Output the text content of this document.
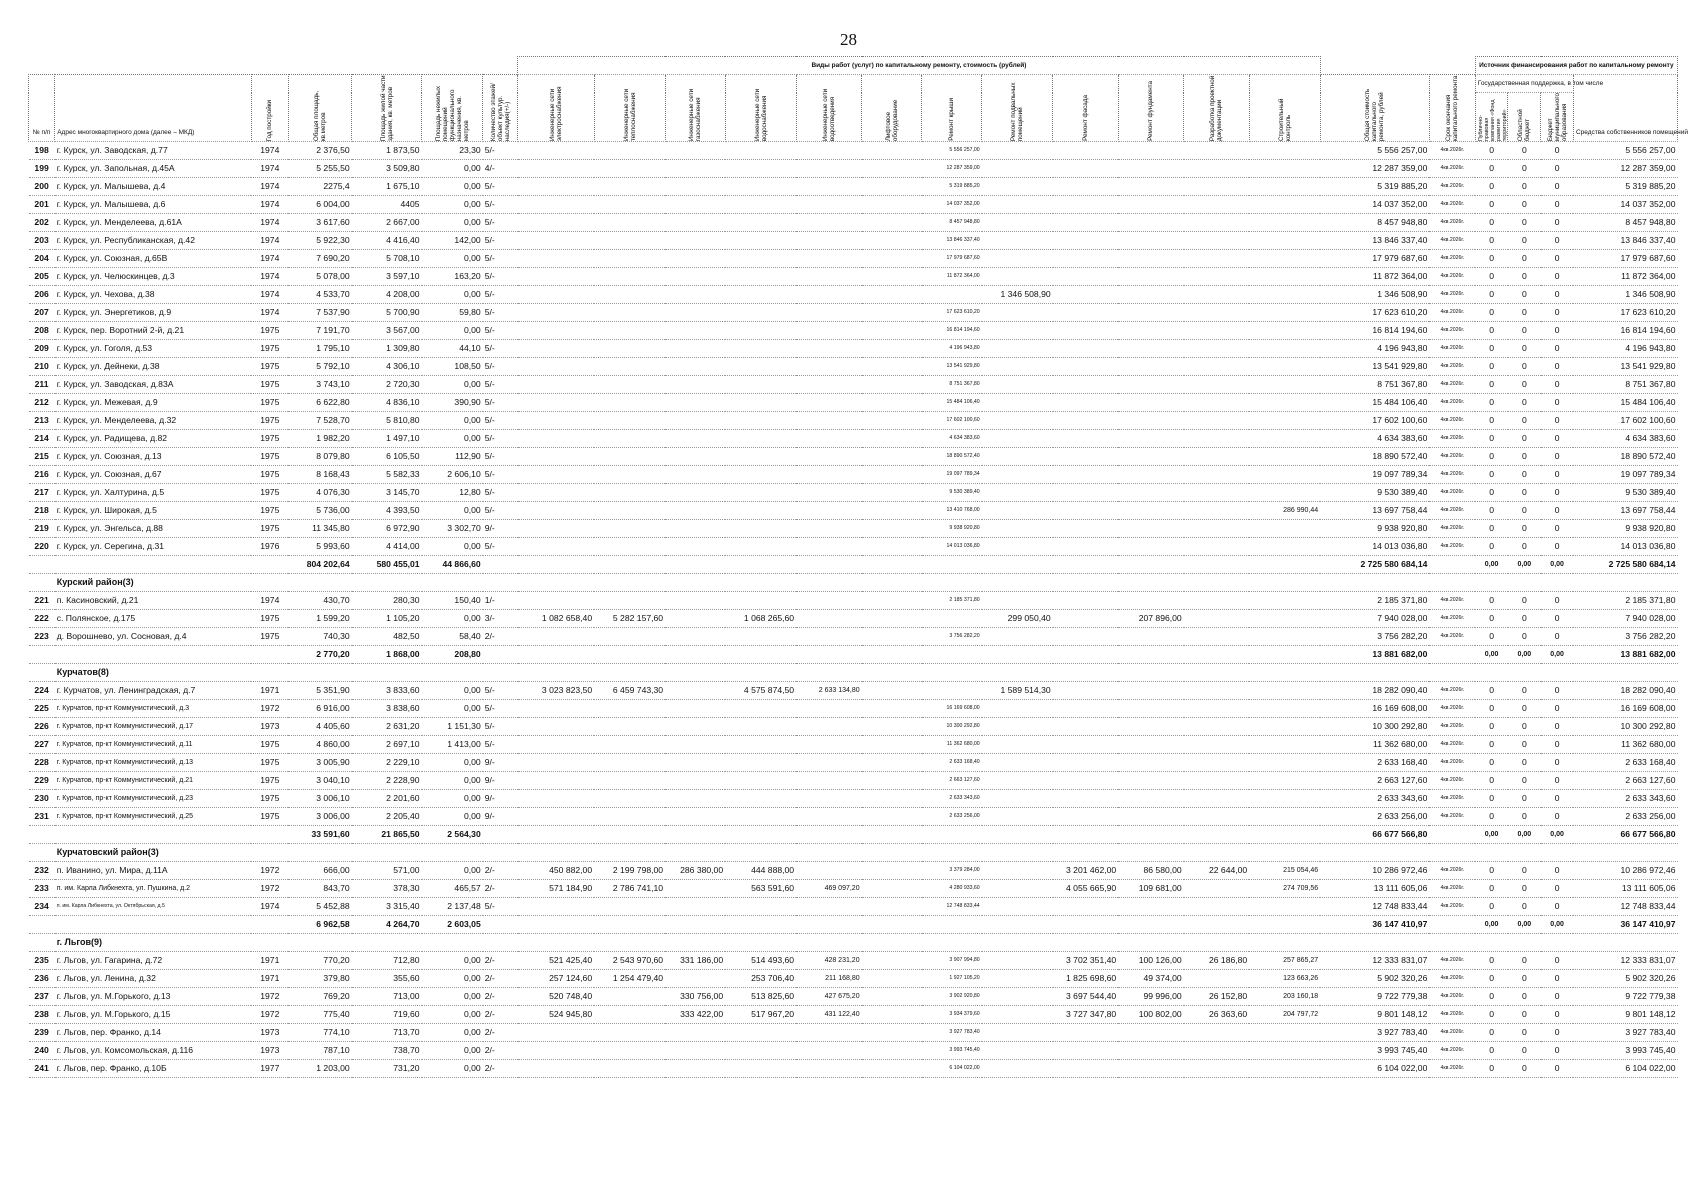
28
							Виды работ (услуг) по капитальному ремонту, стоимость (рублей)														Источник финансирования работ по капитальному ремонту			
№ п/п	Адрес многоквартирного дома (далее – МКД)	Год постройки	Общая площадь, кв.метров	Площадь жилой части здания, кв. метров	Площадь нежилых помещений функционального назначения, кв. метров	Количество этажей/объект культур. наследия(+/-)	Инженерные сети электроснабжения	Инженерные сети теплоснабжения	Инженерные сети газоснабжения	Инженерные сети водоснабжения	Инженерные сети водоотведения	Лифтовое оборудование	Ремонт крыши	Ремонт подвальных помещений	Ремонт фасада	Ремонт фундамента	Разработка проектной документации	Строительный контроль	Общая стоимость капитального ремонта, рублей	Срок окончания капитального ремонта	Государственная поддержка, в том числе			Средства собственников помещений

																					Публично-правовая компания «Фонд развития территорий»	Областной бюджет	Бюджет муниципального образования	

198	г. Курск, ул. Заводская, д.77	1974	2 376,50	1 873,50	23,30	5/-							5 556 257,00						5 556 257,00	4кв.2026г.	0	0	0	5 556 257,00
199	г. Курск, ул. Запольная, д.45А	1974	5 255,50	3 509,80	0,00	4/-							12 287 359,00						12 287 359,00	4кв.2026г.	0	0	0	12 287 359,00
200	г. Курск, ул. Малышева, д.4	1974	2275,4	1 675,10	0,00	5/-							5 319 885,20						5 319 885,20	4кв.2026г.	0	0	0	5 319 885,20
201	г. Курск, ул. Малышева, д.6	1974	6 004,00	4405	0,00	5/-							14 037 352,00						14 037 352,00	4кв.2026г.	0	0	0	14 037 352,00
202	г. Курск, ул. Менделеева, д.61А	1974	3 617,60	2 667,00	0,00	5/-							8 457 948,80						8 457 948,80	4кв.2026г.	0	0	0	8 457 948,80
203	г. Курск, ул. Республиканская, д.42	1974	5 922,30	4 416,40	142,00	5/-							13 846 337,40						13 846 337,40	4кв.2026г.	0	0	0	13 846 337,40
204	г. Курск, ул. Союзная, д.65В	1974	7 690,20	5 708,10	0,00	5/-							17 979 687,60						17 979 687,60	4кв.2026г.	0	0	0	17 979 687,60
205	г. Курск, ул. Челюскинцев, д.3	1974	5 078,00	3 597,10	163,20	5/-							11 872 364,00						11 872 364,00	4кв.2026г.	0	0	0	11 872 364,00
206	г. Курск, ул. Чехова, д.38	1974	4 533,70	4 208,00	0,00	5/-								1 346 508,90					1 346 508,90	4кв.2026г.	0	0	0	1 346 508,90
207	г. Курск, ул. Энергетиков, д.9	1974	7 537,90	5 700,90	59,80	5/-							17 623 610,20						17 623 610,20	4кв.2026г.	0	0	0	17 623 610,20
208	г. Курск, пер. Воротний 2-й, д.21	1975	7 191,70	3 567,00	0,00	5/-							16 814 194,60						16 814 194,60	4кв.2026г.	0	0	0	16 814 194,60
209	г. Курск, ул. Гоголя, д.53	1975	1 795,10	1 309,80	44,10	5/-							4 196 943,80						4 196 943,80	4кв.2026г.	0	0	0	4 196 943,80
210	г. Курск, ул. Дейнеки, д.38	1975	5 792,10	4 306,10	108,50	5/-							13 541 929,80						13 541 929,80	4кв.2026г.	0	0	0	13 541 929,80
211	г. Курск, ул. Заводская, д.83А	1975	3 743,10	2 720,30	0,00	5/-							8 751 367,80						8 751 367,80	4кв.2026г.	0	0	0	8 751 367,80
212	г. Курск, ул. Межевая, д.9	1975	6 622,80	4 836,10	390,90	5/-							15 484 106,40						15 484 106,40	4кв.2026г.	0	0	0	15 484 106,40
213	г. Курск, ул. Менделеева, д.32	1975	7 528,70	5 810,80	0,00	5/-							17 602 100,60						17 602 100,60	4кв.2026г.	0	0	0	17 602 100,60
214	г. Курск, ул. Радищева, д.82	1975	1 982,20	1 497,10	0,00	5/-							4 634 383,60						4 634 383,60	4кв.2026г.	0	0	0	4 634 383,60
215	г. Курск, ул. Союзная, д.13	1975	8 079,80	6 105,50	112,90	5/-							18 890 572,40						18 890 572,40	4кв.2026г.	0	0	0	18 890 572,40
216	г. Курск, ул. Союзная, д.67	1975	8 168,43	5 582,33	2 606,10	5/-							19 097 789,34						19 097 789,34	4кв.2026г.	0	0	0	19 097 789,34
217	г. Курск, ул. Халтурина, д.5	1975	4 076,30	3 145,70	12,80	5/-							9 530 389,40						9 530 389,40	4кв.2026г.	0	0	0	9 530 389,40
218	г. Курск, ул. Широкая, д.5	1975	5 736,00	4 393,50	0,00	5/-							13 410 768,00					286 990,44	13 697 758,44	4кв.2026г.	0	0	0	13 697 758,44
219	г. Курск, ул. Энгельса, д.88	1975	11 345,80	6 972,90	3 302,70	9/-							9 938 920,80						9 938 920,80	4кв.2026г.	0	0	0	9 938 920,80
220	г. Курск, ул. Серегина, д.31	1976	5 993,60	4 414,00	0,00	5/-							14 013 036,80						14 013 036,80	4кв.2026г.	0	0	0	14 013 036,80
			804 202,64	580 455,01	44 866,60														2 725 580 684,14		0,00	0,00	0,00	2 725 580 684,14
	Курский район(3)																							
221	п. Касиновский, д.21	1974	430,70	280,30	150,40	1/-							2 185 371,80						2 185 371,80	4кв.2026г.	0	0	0	2 185 371,80
222	с. Полянское, д.175	1975	1 599,20	1 105,20	0,00	3/-	1 082 658,40	5 282 157,60		1 068 265,60				299 050,40		207 896,00			7 940 028,00	4кв.2026г.	0	0	0	7 940 028,00
223	д. Ворошнево, ул. Сосновая, д.4	1975	740,30	482,50	58,40	2/-							3 756 282,20						3 756 282,20	4кв.2026г.	0	0	0	3 756 282,20
			2 770,20	1 868,00	208,80														13 881 682,00		0,00	0,00	0,00	13 881 682,00
	Курчатов(8)																							
224	г. Курчатов, ул. Ленинградская, д.7	1971	5 351,90	3 833,60	0,00	5/-	3 023 823,50	6 459 743,30		4 575 874,50	2 633 134,80			1 589 514,30					18 282 090,40	4кв.2026г.	0	0	0	18 282 090,40
225	г. Курчатов, пр-кт Коммунистический, д.3	1972	6 916,00	3 838,60	0,00	5/-							16 169 608,00						16 169 608,00	4кв.2026г.	0	0	0	16 169 608,00
226	г. Курчатов, пр-кт Коммунистический, д.17	1973	4 405,60	2 631,20	1 151,30	5/-							10 300 292,80						10 300 292,80	4кв.2026г.	0	0	0	10 300 292,80
227	г. Курчатов, пр-кт Коммунистический, д.11	1975	4 860,00	2 697,10	1 413,00	5/-							11 362 680,00						11 362 680,00	4кв.2026г.	0	0	0	11 362 680,00
228	г. Курчатов, пр-кт Коммунистический, д.13	1975	3 005,90	2 229,10	0,00	9/-							2 633 168,40						2 633 168,40	4кв.2026г.	0	0	0	2 633 168,40
229	г. Курчатов, пр-кт Коммунистический, д.21	1975	3 040,10	2 228,90	0,00	9/-							2 663 127,60						2 663 127,60	4кв.2026г.	0	0	0	2 663 127,60
230	г. Курчатов, пр-кт Коммунистический, д.23	1975	3 006,10	2 201,60	0,00	9/-							2 633 343,60						2 633 343,60	4кв.2026г.	0	0	0	2 633 343,60
231	г. Курчатов, пр-кт Коммунистический, д.25	1975	3 006,00	2 205,40	0,00	9/-							2 633 256,00						2 633 256,00	4кв.2026г.	0	0	0	2 633 256,00
			33 591,60	21 865,50	2 564,30														66 677 566,80		0,00	0,00	0,00	66 677 566,80
	Курчатовский район(3)																							
232	п. Иванино, ул. Мира, д.11А	1972	666,00	571,00	0,00	2/-	450 882,00	2 199 798,00	286 380,00	444 888,00			3 379 284,00		3 201 462,00	86 580,00	22 644,00	215 054,46	10 286 972,46	4кв.2026г.	0	0	0	10 286 972,46
233	п. им. Карла Либкнехта, ул. Пушкина, д.2	1972	843,70	378,30	465,57	2/-	571 184,90	2 786 741,10		563 591,60	469 097,20		4 280 933,60		4 055 665,90	109 681,00		274 709,56	13 111 605,06	4кв.2026г.	0	0	0	13 111 605,06
234	п. им. Карла Либкнехта, ул. Октябрьская, д.5	1974	5 452,88	3 315,40	2 137,48	5/-							12 748 833,44						12 748 833,44	4кв.2026г.	0	0	0	12 748 833,44
			6 962,58	4 264,70	2 603,05														36 147 410,97		0,00	0,00	0,00	36 147 410,97
	г. Льгов(9)																							
235	г. Льгов, ул. Гагарина, д.72	1971	770,20	712,80	0,00	2/-	521 425,40	2 543 970,60	331 186,00	514 493,60	428 231,20		3 907 994,80		3 702 351,40	100 126,00	26 186,80	257 865,27	12 333 831,07	4кв.2026г.	0	0	0	12 333 831,07
236	г. Льгов, ул. Ленина, д.32	1971	379,80	355,60	0,00	2/-	257 124,60	1 254 479,40		253 706,40	211 168,80		1 927 105,20		1 825 698,60	49 374,00		123 663,26	5 902 320,26	4кв.2026г.	0	0	0	5 902 320,26
237	г. Льгов, ул. М.Горького, д.13	1972	769,20	713,00	0,00	2/-	520 748,40		330 756,00	513 825,60	427 675,20		3 902 920,80		3 697 544,40	99 996,00	26 152,80	203 160,18	9 722 779,38	4кв.2026г.	0	0	0	9 722 779,38
238	г. Льгов, ул. М.Горького, д.15	1972	775,40	719,60	0,00	2/-	524 945,80		333 422,00	517 967,20	431 122,40		3 934 379,60		3 727 347,80	100 802,00	26 363,60	204 797,72	9 801 148,12	4кв.2026г.	0	0	0	9 801 148,12
239	г. Льгов, пер. Франко, д.14	1973	774,10	713,70	0,00	2/-							3 927 783,40						3 927 783,40	4кв.2026г.	0	0	0	3 927 783,40
240	г. Льгов, ул. Комсомольская, д.116	1973	787,10	738,70	0,00	2/-							3 993 745,40						3 993 745,40	4кв.2026г.	0	0	0	3 993 745,40
241	г. Льгов, пер. Франко, д.10Б	1977	1 203,00	731,20	0,00	2/-							6 104 022,00						6 104 022,00	4кв.2026г.	0	0	0	6 104 022,00
